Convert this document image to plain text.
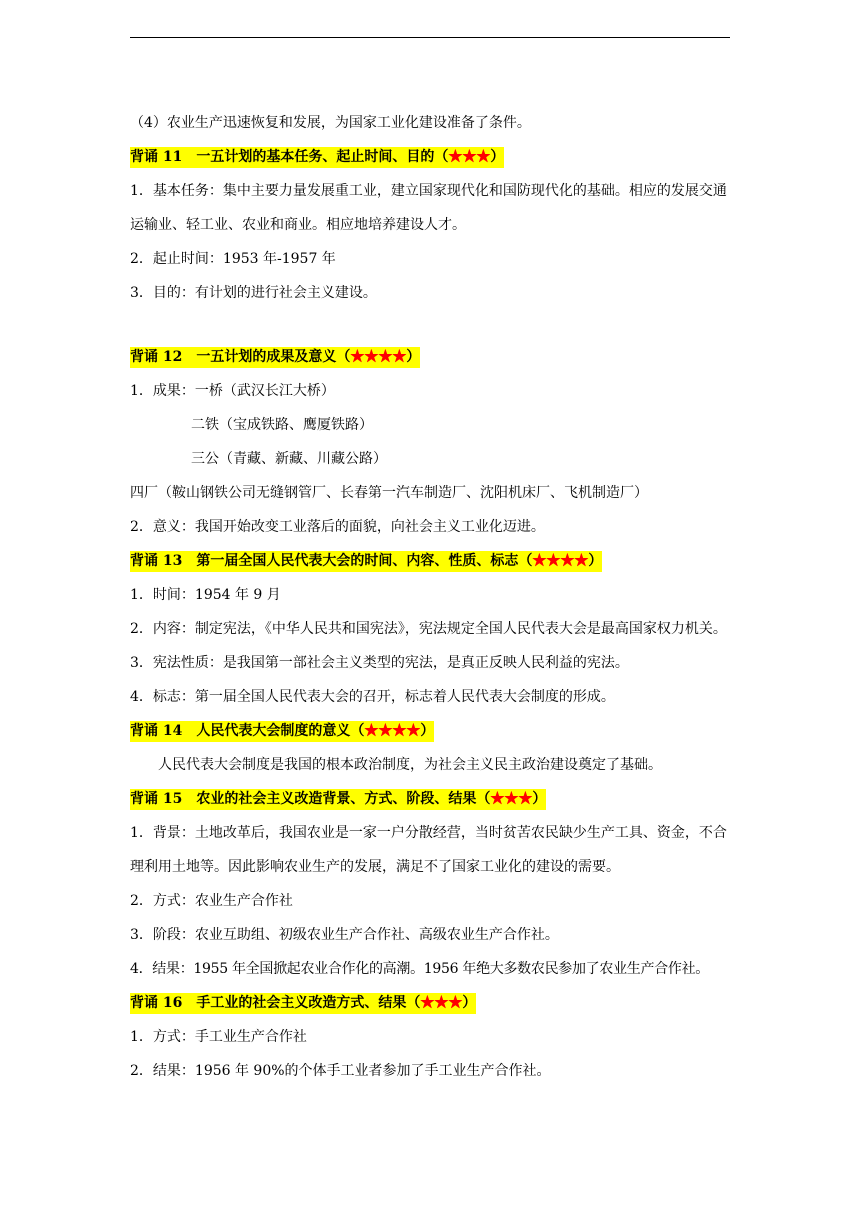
（4）农业生产迅速恢复和发展，为国家工业化建设准备了条件。
背诵 11　一五计划的基本任务、起止时间、目的（★★★）
1．基本任务：集中主要力量发展重工业，建立国家现代化和国防现代化的基础。相应的发展交通运输业、轻工业、农业和商业。相应地培养建设人才。
2．起止时间：1953 年-1957 年
3．目的：有计划的进行社会主义建设。
背诵 12　一五计划的成果及意义（★★★★）
1．成果：一桥（武汉长江大桥）
二铁（宝成铁路、鹰厦铁路）
三公（青藏、新藏、川藏公路）
四厂（鞍山钢铁公司无缝钢管厂、长春第一汽车制造厂、沈阳机床厂、飞机制造厂）
2．意义：我国开始改变工业落后的面貌，向社会主义工业化迈进。
背诵 13　第一届全国人民代表大会的时间、内容、性质、标志（★★★★）
1．时间：1954 年 9 月
2．内容：制定宪法，《中华人民共和国宪法》，宪法规定全国人民代表大会是最高国家权力机关。
3．宪法性质：是我国第一部社会主义类型的宪法，是真正反映人民利益的宪法。
4．标志：第一届全国人民代表大会的召开，标志着人民代表大会制度的形成。
背诵 14　人民代表大会制度的意义（★★★★）
人民代表大会制度是我国的根本政治制度，为社会主义民主政治建设奠定了基础。
背诵 15　农业的社会主义改造背景、方式、阶段、结果（★★★）
1．背景：土地改革后，我国农业是一家一户分散经营，当时贫苦农民缺少生产工具、资金，不合理利用土地等。因此影响农业生产的发展，满足不了国家工业化的建设的需要。
2．方式：农业生产合作社
3．阶段：农业互助组、初级农业生产合作社、高级农业生产合作社。
4．结果：1955 年全国掀起农业合作化的高潮。1956 年绝大多数农民参加了农业生产合作社。
背诵 16　手工业的社会主义改造方式、结果（★★★）
1．方式：手工业生产合作社
2．结果：1956 年 90%的个体手工业者参加了手工业生产合作社。
